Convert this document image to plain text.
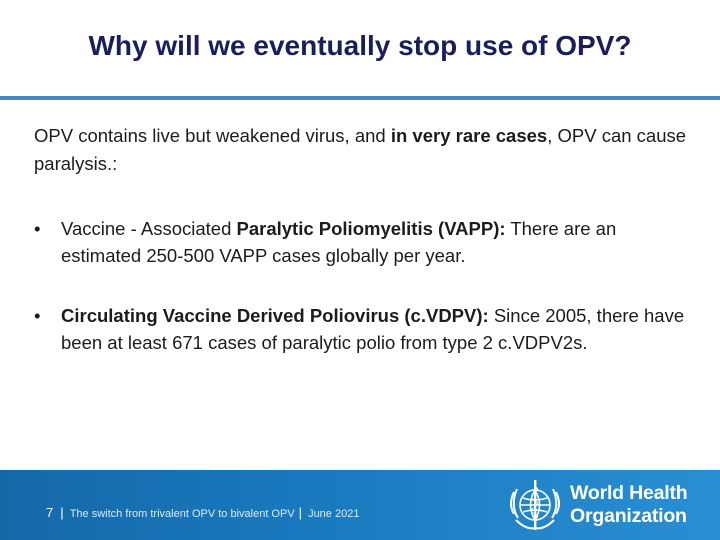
Why will we eventually stop use of OPV?
OPV contains live but weakened virus, and in very rare cases, OPV can cause paralysis.:
•	Vaccine - Associated Paralytic Poliomyelitis (VAPP): There are an estimated 250-500 VAPP cases globally per year.
•	Circulating Vaccine Derived Poliovirus (c.VDPV): Since 2005, there have been at least 671 cases of paralytic polio from type 2 c.VDPV2s.
7 | The switch from trivalent OPV to bivalent OPV | June 2021
World Health
Organization
